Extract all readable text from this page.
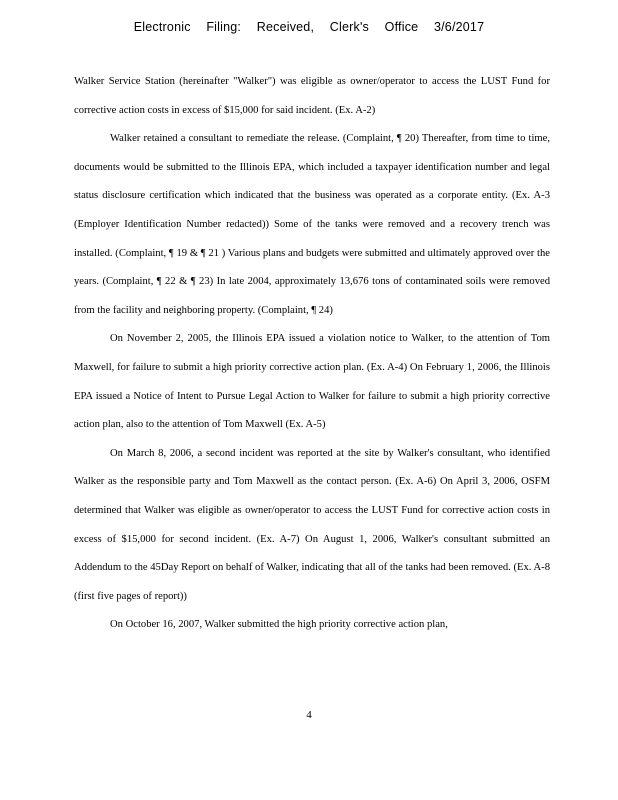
Electronic Filing: Received, Clerk's Office 3/6/2017

Walker Service Station (hereinafter "Walker") was eligible as owner/operator to access the LUST Fund for corrective action costs in excess of $15,000 for said incident. (Ex. A-2)

Walker retained a consultant to remediate the release. (Complaint, ¶ 20) Thereafter, from time to time, documents would be submitted to the Illinois EPA, which included a taxpayer identification number and legal status disclosure certification which indicated that the business was operated as a corporate entity. (Ex. A-3 (Employer Identification Number redacted)) Some of the tanks were removed and a recovery trench was installed. (Complaint, ¶ 19 & ¶ 21 ) Various plans and budgets were submitted and ultimately approved over the years. (Complaint, ¶ 22 & ¶ 23) In late 2004, approximately 13,676 tons of contaminated soils were removed from the facility and neighboring property. (Complaint, ¶ 24)

On November 2, 2005, the Illinois EPA issued a violation notice to Walker, to the attention of Tom Maxwell, for failure to submit a high priority corrective action plan. (Ex. A-4) On February 1, 2006, the Illinois EPA issued a Notice of Intent to Pursue Legal Action to Walker for failure to submit a high priority corrective action plan, also to the attention of Tom Maxwell (Ex. A-5)

On March 8, 2006, a second incident was reported at the site by Walker's consultant, who identified Walker as the responsible party and Tom Maxwell as the contact person. (Ex. A-6) On April 3, 2006, OSFM determined that Walker was eligible as owner/operator to access the LUST Fund for corrective action costs in excess of $15,000 for second incident. (Ex. A-7) On August 1, 2006, Walker's consultant submitted an Addendum to the 45Day Report on behalf of Walker, indicating that all of the tanks had been removed. (Ex. A-8 (first five pages of report))

On October 16, 2007, Walker submitted the high priority corrective action plan,

4
